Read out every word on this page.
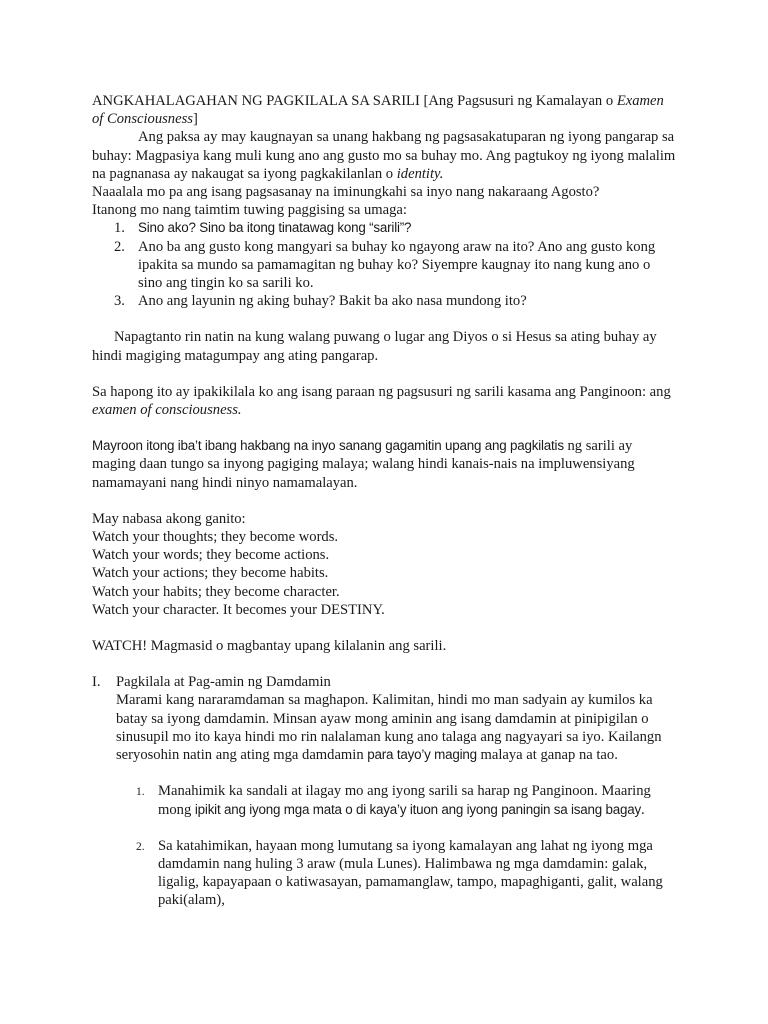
ANGKAHALAGAHAN NG PAGKILALA SA SARILI [Ang Pagsusuri ng Kamalayan o Examen of Consciousness]

Ang paksa ay may kaugnayan sa unang hakbang ng pagsasakatuparan ng iyong pangarap sa buhay: Magpasiya kang muli kung ano ang gusto mo sa buhay mo. Ang pagtukoy ng iyong malalim na pagnanasa ay nakaugat sa iyong pagkakilanlan o identity.

Naaalala mo pa ang isang pagsasanay na iminungkahi sa inyo nang nakaraang Agosto?

Itanong mo nang taimtim tuwing paggising sa umaga:

1. Sino ako? Sino ba itong tinatawag kong “sarili”?
2. Ano ba ang gusto kong mangyari sa buhay ko ngayong araw na ito? Ano ang gusto kong ipakita sa mundo sa pamamagitan ng buhay ko? Siyempre kaugnay ito nang kung ano o sino ang tingin ko sa sarili ko.
3. Ano ang layunin ng aking buhay? Bakit ba ako nasa mundong ito?

Napagtanto rin natin na kung walang puwang o lugar ang Diyos o si Hesus sa ating buhay ay hindi magiging matagumpay ang ating pangarap.

Sa hapong ito ay ipakikilala ko ang isang paraan ng pagsusuri ng sarili kasama ang Panginoon: ang examen of consciousness.

Mayroon itong iba’t ibang hakbang na inyo sanang gagamitin upang ang pagkilatis ng sarili ay maging daan tungo sa inyong pagiging malaya; walang hindi kanais-nais na impluwensiyang namamayani nang hindi ninyo namamalayan.

May nabasa akong ganito:

Watch your thoughts; they become words.

Watch your words; they become actions.

Watch your actions; they become habits.

Watch your habits; they become character.

Watch your character. It becomes your DESTINY.

WATCH! Magmasid o magbantay upang kilalanin ang sarili.

I. Pagkilala at Pag-amin ng Damdamin

Marami kang nararamdaman sa maghapon. Kalimitan, hindi mo man sadyain ay kumilos ka batay sa iyong damdamin. Minsan ayaw mong aminin ang isang damdamin at pinipigilan o sinusupil mo ito kaya hindi mo rin nalalaman kung ano talaga ang nagyayari sa iyo. Kailangn seryosohin natin ang ating mga damdamin para tayo’y maging malaya at ganap na tao.

1. Manahimik ka sandali at ilagay mo ang iyong sarili sa harap ng Panginoon. Maaring mong ipikit ang iyong mga mata o di kaya’y ituon ang iyong paningin sa isang bagay.
2. Sa katahimikan, hayaan mong lumutang sa iyong kamalayan ang lahat ng iyong mga damdamin nang huling 3 araw (mula Lunes). Halimbawa ng mga damdamin: galak, ligalig, kapayapaan o katiwasayan, pamamanglaw, tampo, mapaghiganti, galit, walang paki(alam),
